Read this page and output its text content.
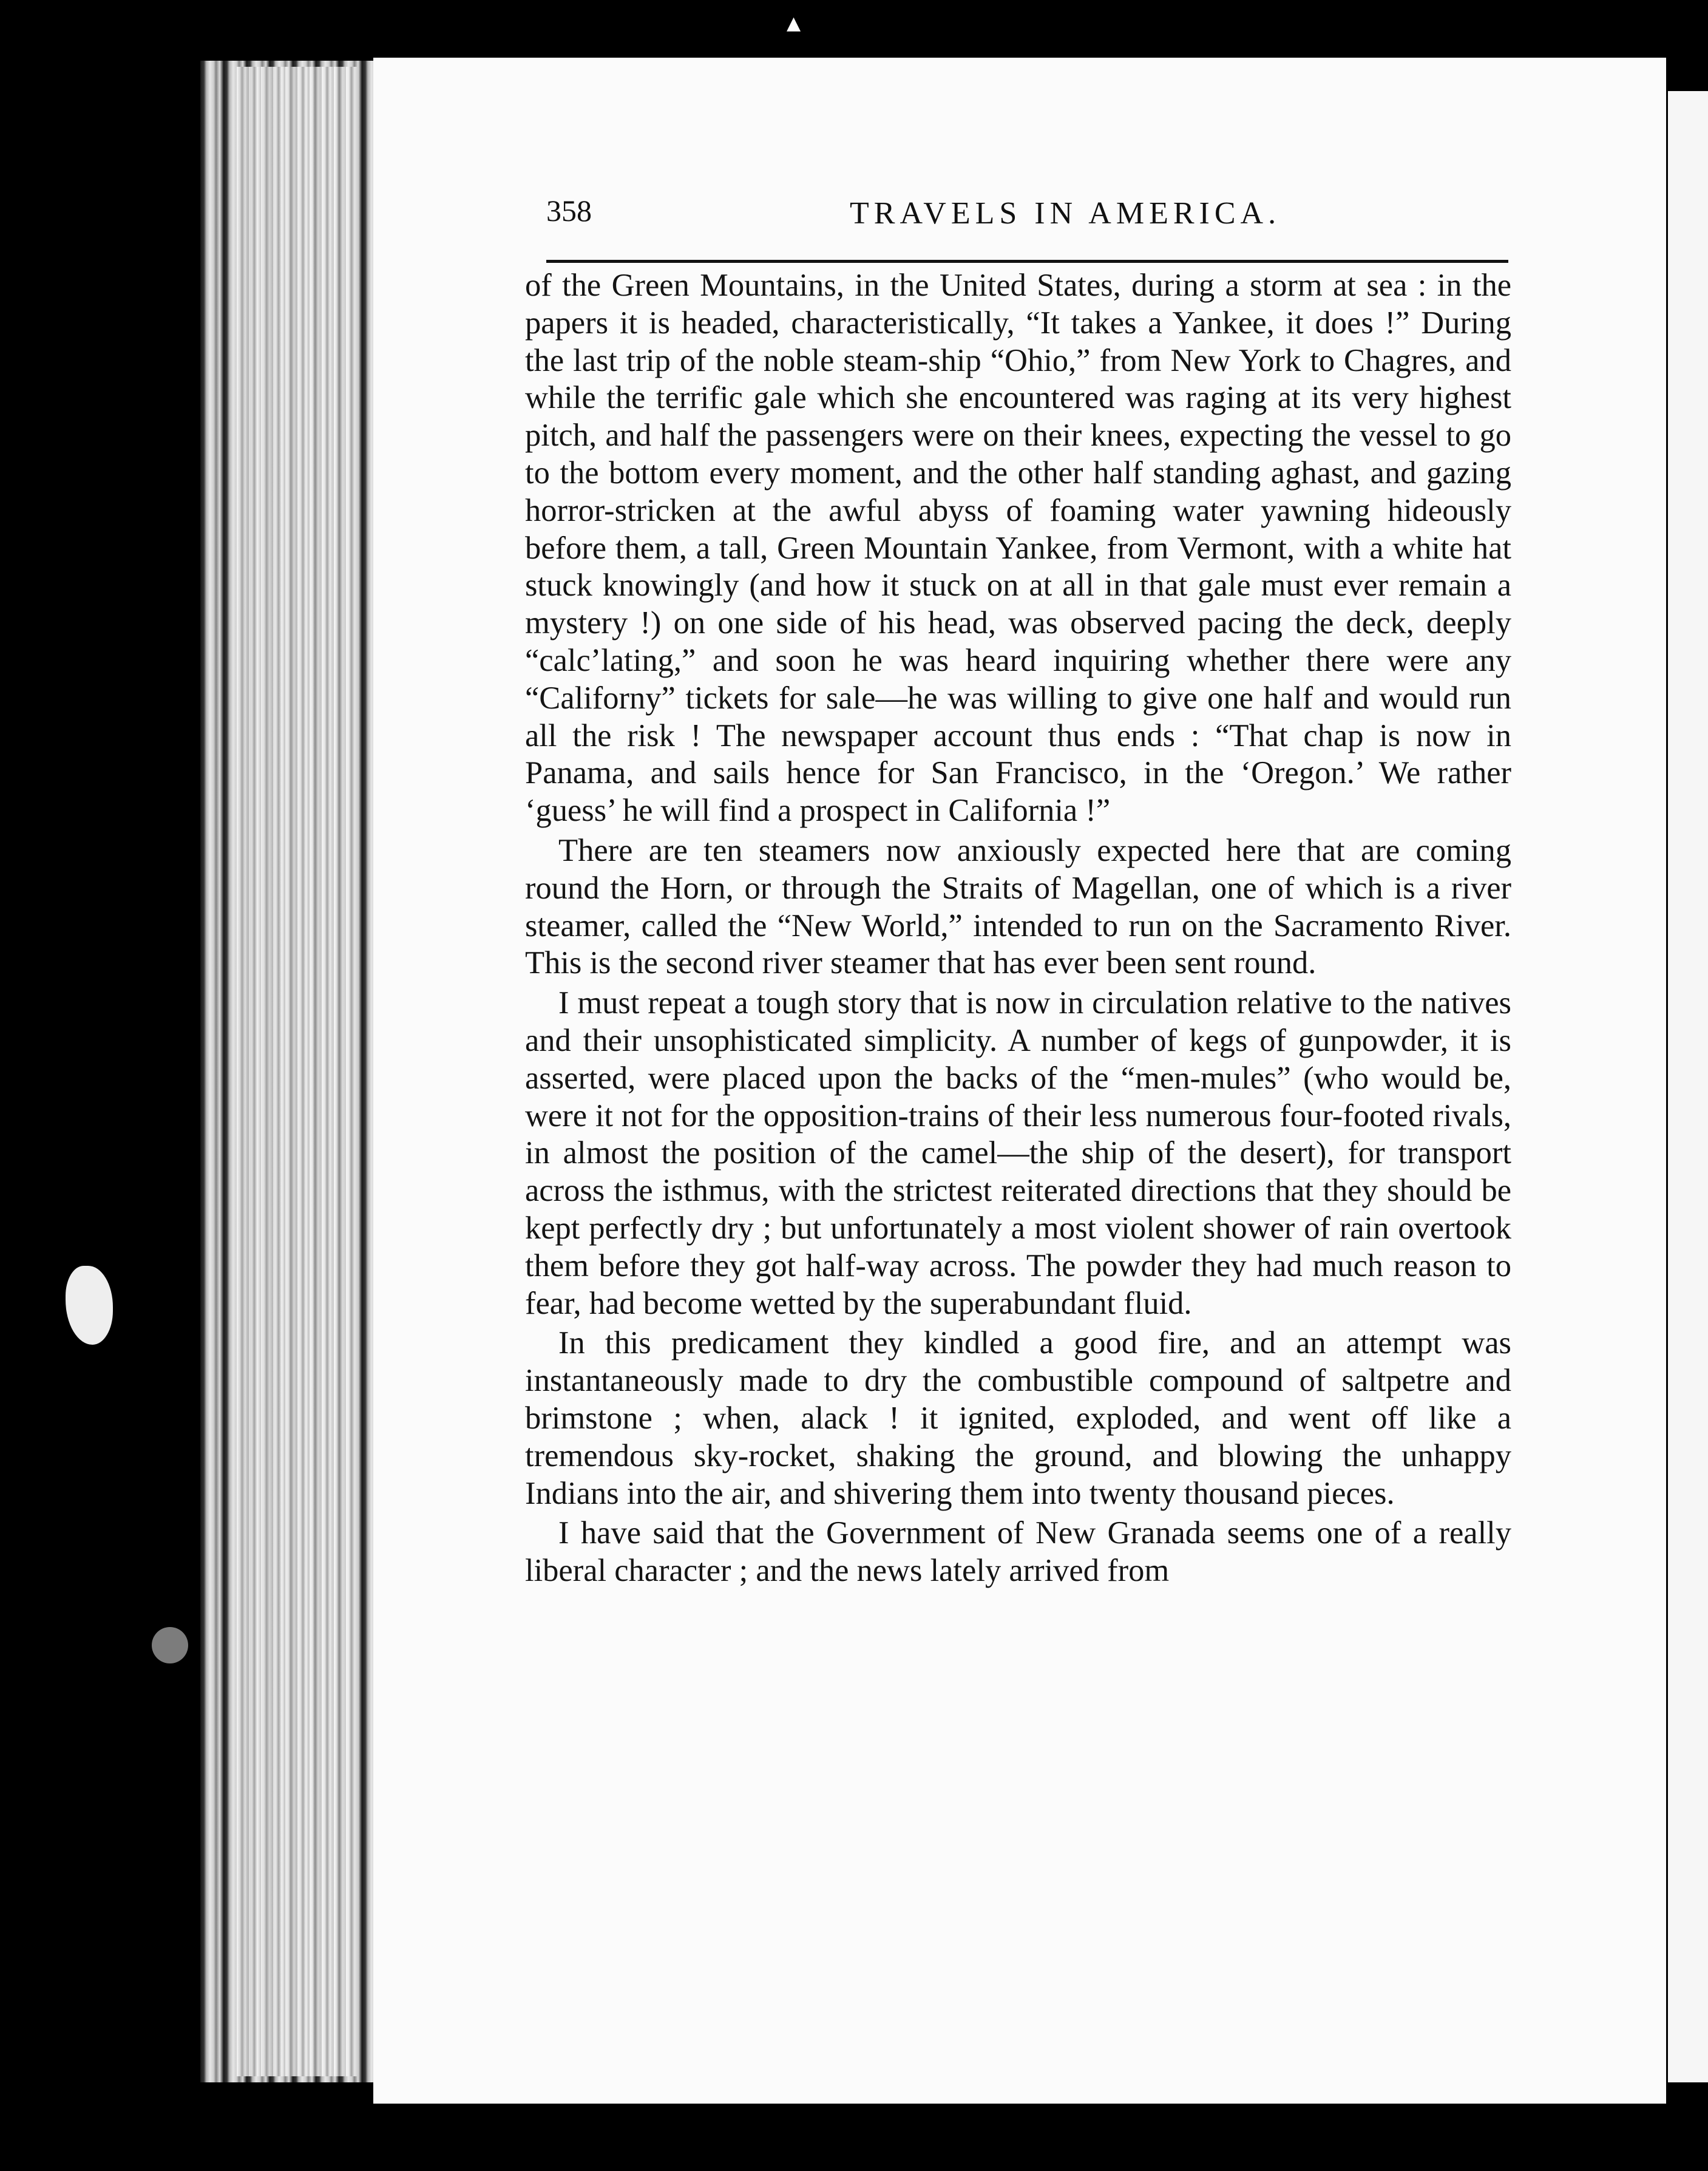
▲
358	TRAVELS IN AMERICA.

of the Green Mountains, in the United States, during a storm at sea : in the papers it is headed, characteristically, “It takes a Yankee, it does !” During the last trip of the noble steam-ship “Ohio,” from New York to Chagres, and while the terrific gale which she encountered was raging at its very highest pitch, and half the passengers were on their knees, expecting the vessel to go to the bottom every moment, and the other half standing aghast, and gazing horror-stricken at the awful abyss of foaming water yawning hideously before them, a tall, Green Mountain Yankee, from Vermont, with a white hat stuck knowingly (and how it stuck on at all in that gale must ever remain a mystery !) on one side of his head, was observed pacing the deck, deeply “calc’lating,” and soon he was heard inquiring whether there were any “Californy” tickets for sale—he was willing to give one half and would run all the risk ! The newspaper account thus ends : “That chap is now in Panama, and sails hence for San Francisco, in the ‘Oregon.’ We rather ‘guess’ he will find a prospect in California !”

There are ten steamers now anxiously expected here that are coming round the Horn, or through the Straits of Magellan, one of which is a river steamer, called the “New World,” intended to run on the Sacramento River. This is the second river steamer that has ever been sent round.

I must repeat a tough story that is now in circulation relative to the natives and their unsophisticated simplicity. A number of kegs of gunpowder, it is asserted, were placed upon the backs of the “men-mules” (who would be, were it not for the opposition-trains of their less numerous four-footed rivals, in almost the position of the camel—the ship of the desert), for transport across the isthmus, with the strictest reiterated directions that they should be kept perfectly dry ; but unfortunately a most violent shower of rain overtook them before they got half-way across. The powder they had much reason to fear, had become wetted by the superabundant fluid.

In this predicament they kindled a good fire, and an attempt was instantaneously made to dry the combustible compound of saltpetre and brimstone ; when, alack ! it ignited, exploded, and went off like a tremendous sky-rocket, shaking the ground, and blowing the unhappy Indians into the air, and shivering them into twenty thousand pieces.

I have said that the Government of New Granada seems one of a really liberal character ; and the news lately arrived from
